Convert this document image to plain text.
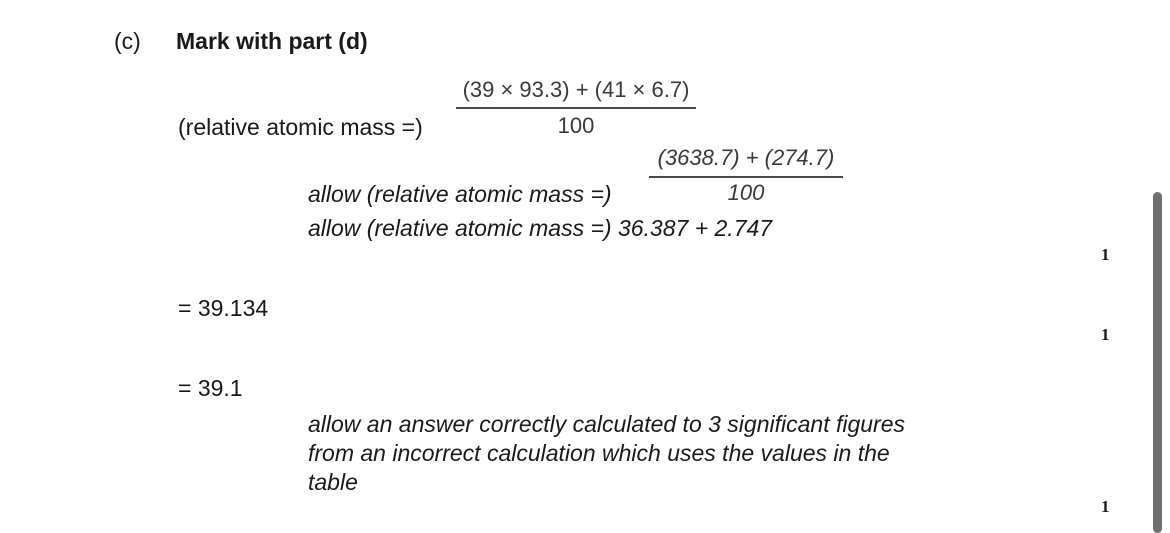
(c) Mark with part (d)
(relative atomic mass =)
(39 × 93.3) + (41 × 6.7)
100
allow (relative atomic mass =)
(3638.7) + (274.7)
100
allow (relative atomic mass =) 36.387 + 2.747
1
= 39.134
1
= 39.1
allow an answer correctly calculated to 3 significant figures
from an incorrect calculation which uses the values in the
table
1
